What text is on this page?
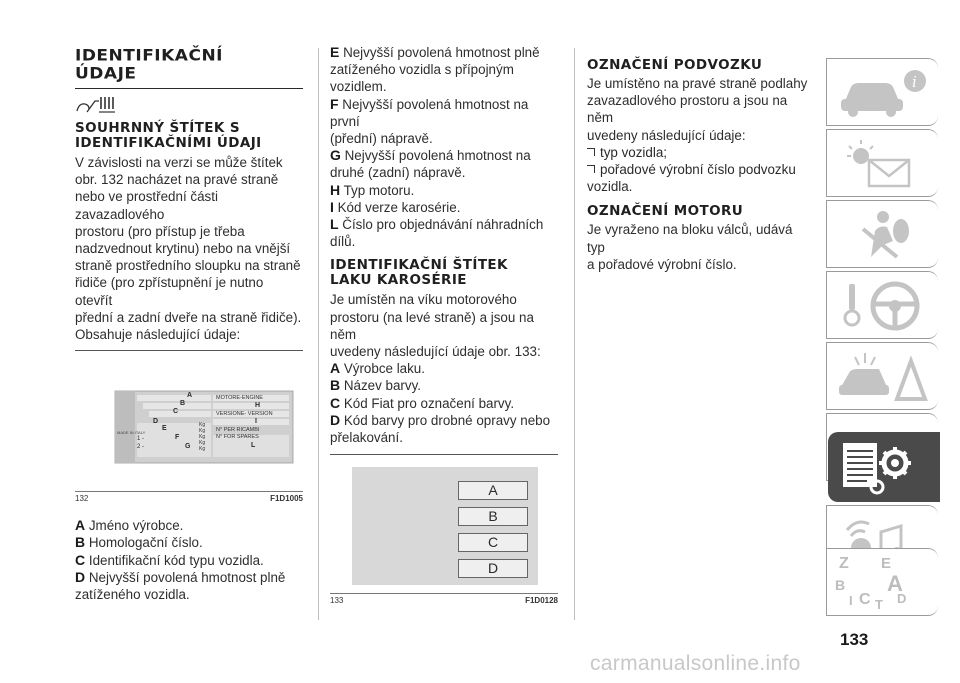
IDENTIFIKAČNÍ
ÚDAJE
SOUHRNNÝ ŠTÍTEK S
IDENTIFIKAČNÍMI ÚDAJI

V závislosti na verzi se může štítek

obr. 132 nacházet na pravé straně

nebo ve prostřední části zavazadlového

prostoru (pro přístup je třeba

nadzvednout krytinu) nebo na vnější

straně prostředního sloupku na straně

řidiče (pro zpřístupnění je nutno otevřít

přední a zadní dveře na straně řidiče).

Obsahuje následující údaje:

MADE IN ITALY
A
B
C
D
E
F
G
1 -
2 -
Kg
Kg
Kg
Kg
Kg
MOTORE-ENGINE
H
VERSIONE- VERSION
I
N° PER RICAMBI
N° FOR SPARES
L
132	F1D1005
A Jméno výrobce.
B Homologační číslo.
C Identifikační kód typu vozidla.
D Nejvyšší povolená hmotnost plně
zatíženého vozidla.
E Nejvyšší povolená hmotnost plně
zatíženého vozidla s přípojným
vozidlem.
F Nejvyšší povolená hmotnost na první
(přední) nápravě.
G Nejvyšší povolená hmotnost na
druhé (zadní) nápravě.
H Typ motoru.
I Kód verze karosérie.
L Číslo pro objednávání náhradních
dílů.
IDENTIFIKAČNÍ ŠTÍTEK
LAKU KAROSÉRIE

Je umístěn na víku motorového

prostoru (na levé straně) a jsou na něm

uvedeny následující údaje obr. 133:

A Výrobce laku.
B Název barvy.
C Kód Fiat pro označení barvy.
D Kód barvy pro drobné opravy nebo
přelakování.
A
B
C
D
133	F1D0128
OZNAČENÍ PODVOZKU

Je umístěno na pravé straně podlahy

zavazadlového prostoru a jsou na něm

uvedeny následující údaje:

typ vozidla;
pořadové výrobní číslo podvozku
vozidla.
OZNAČENÍ MOTORU

Je vyraženo na bloku válců, udává typ

a pořadové výrobní číslo.

i
Z E
B A
I C T D
133
carmanualsonline.info
